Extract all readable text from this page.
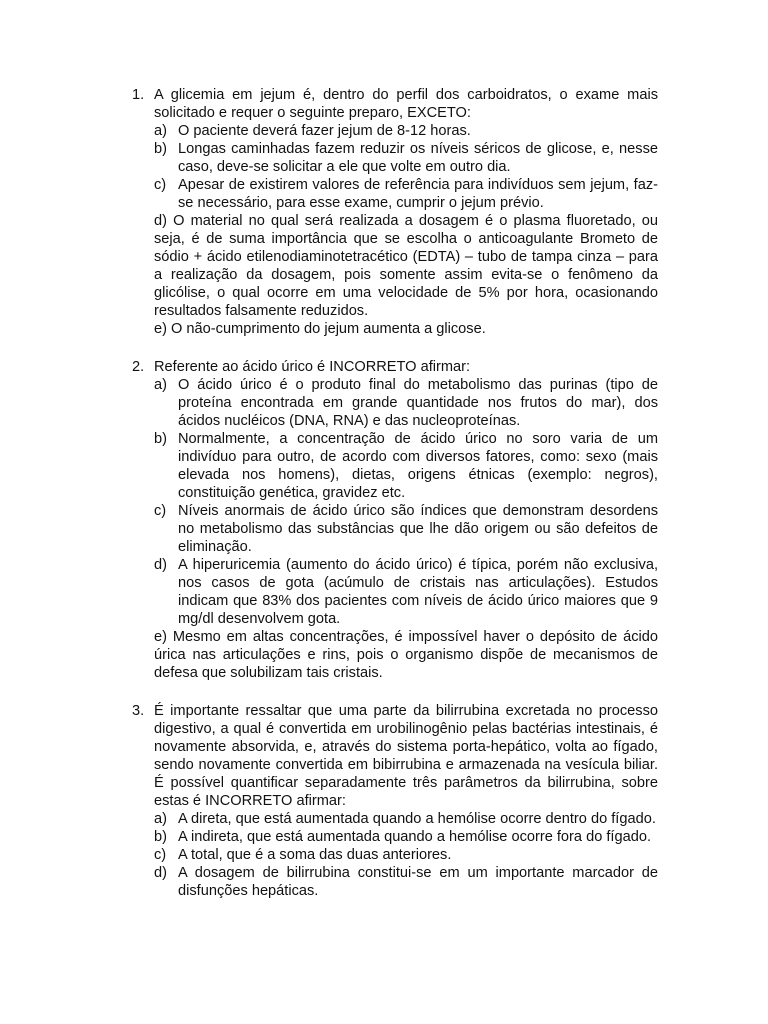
1. A glicemia em jejum é, dentro do perfil dos carboidratos, o exame mais solicitado e requer o seguinte preparo, EXCETO:
a) O paciente deverá fazer jejum de 8-12 horas.
b) Longas caminhadas fazem reduzir os níveis séricos de glicose, e, nesse caso, deve-se solicitar a ele que volte em outro dia.
c) Apesar de existirem valores de referência para indivíduos sem jejum, faz-se necessário, para esse exame, cumprir o jejum prévio.
d) O material no qual será realizada a dosagem é o plasma fluoretado, ou seja, é de suma importância que se escolha o anticoagulante Brometo de sódio + ácido etilenodiaminotetracético (EDTA) – tubo de tampa cinza – para a realização da dosagem, pois somente assim evita-se o fenômeno da glicólise, o qual ocorre em uma velocidade de 5% por hora, ocasionando resultados falsamente reduzidos.
e) O não-cumprimento do jejum aumenta a glicose.
2. Referente ao ácido úrico é INCORRETO afirmar:
a) O ácido úrico é o produto final do metabolismo das purinas (tipo de proteína encontrada em grande quantidade nos frutos do mar), dos ácidos nucléicos (DNA, RNA) e das nucleoproteínas.
b) Normalmente, a concentração de ácido úrico no soro varia de um indivíduo para outro, de acordo com diversos fatores, como: sexo (mais elevada nos homens), dietas, origens étnicas (exemplo: negros), constituição genética, gravidez etc.
c) Níveis anormais de ácido úrico são índices que demonstram desordens no metabolismo das substâncias que lhe dão origem ou são defeitos de eliminação.
d) A hiperuricemia (aumento do ácido úrico) é típica, porém não exclusiva, nos casos de gota (acúmulo de cristais nas articulações). Estudos indicam que 83% dos pacientes com níveis de ácido úrico maiores que 9 mg/dl desenvolvem gota.
e) Mesmo em altas concentrações, é impossível haver o depósito de ácido úrica nas articulações e rins, pois o organismo dispõe de mecanismos de defesa que solubilizam tais cristais.
3. É importante ressaltar que uma parte da bilirrubina excretada no processo digestivo, a qual é convertida em urobilinogênio pelas bactérias intestinais, é novamente absorvida, e, através do sistema porta-hepático, volta ao fígado, sendo novamente convertida em bibirrubina e armazenada na vesícula biliar. É possível quantificar separadamente três parâmetros da bilirrubina, sobre estas é INCORRETO afirmar:
a) A direta, que está aumentada quando a hemólise ocorre dentro do fígado.
b) A indireta, que está aumentada quando a hemólise ocorre fora do fígado.
c) A total, que é a soma das duas anteriores.
d) A dosagem de bilirrubina constitui-se em um importante marcador de disfunções hepáticas.
